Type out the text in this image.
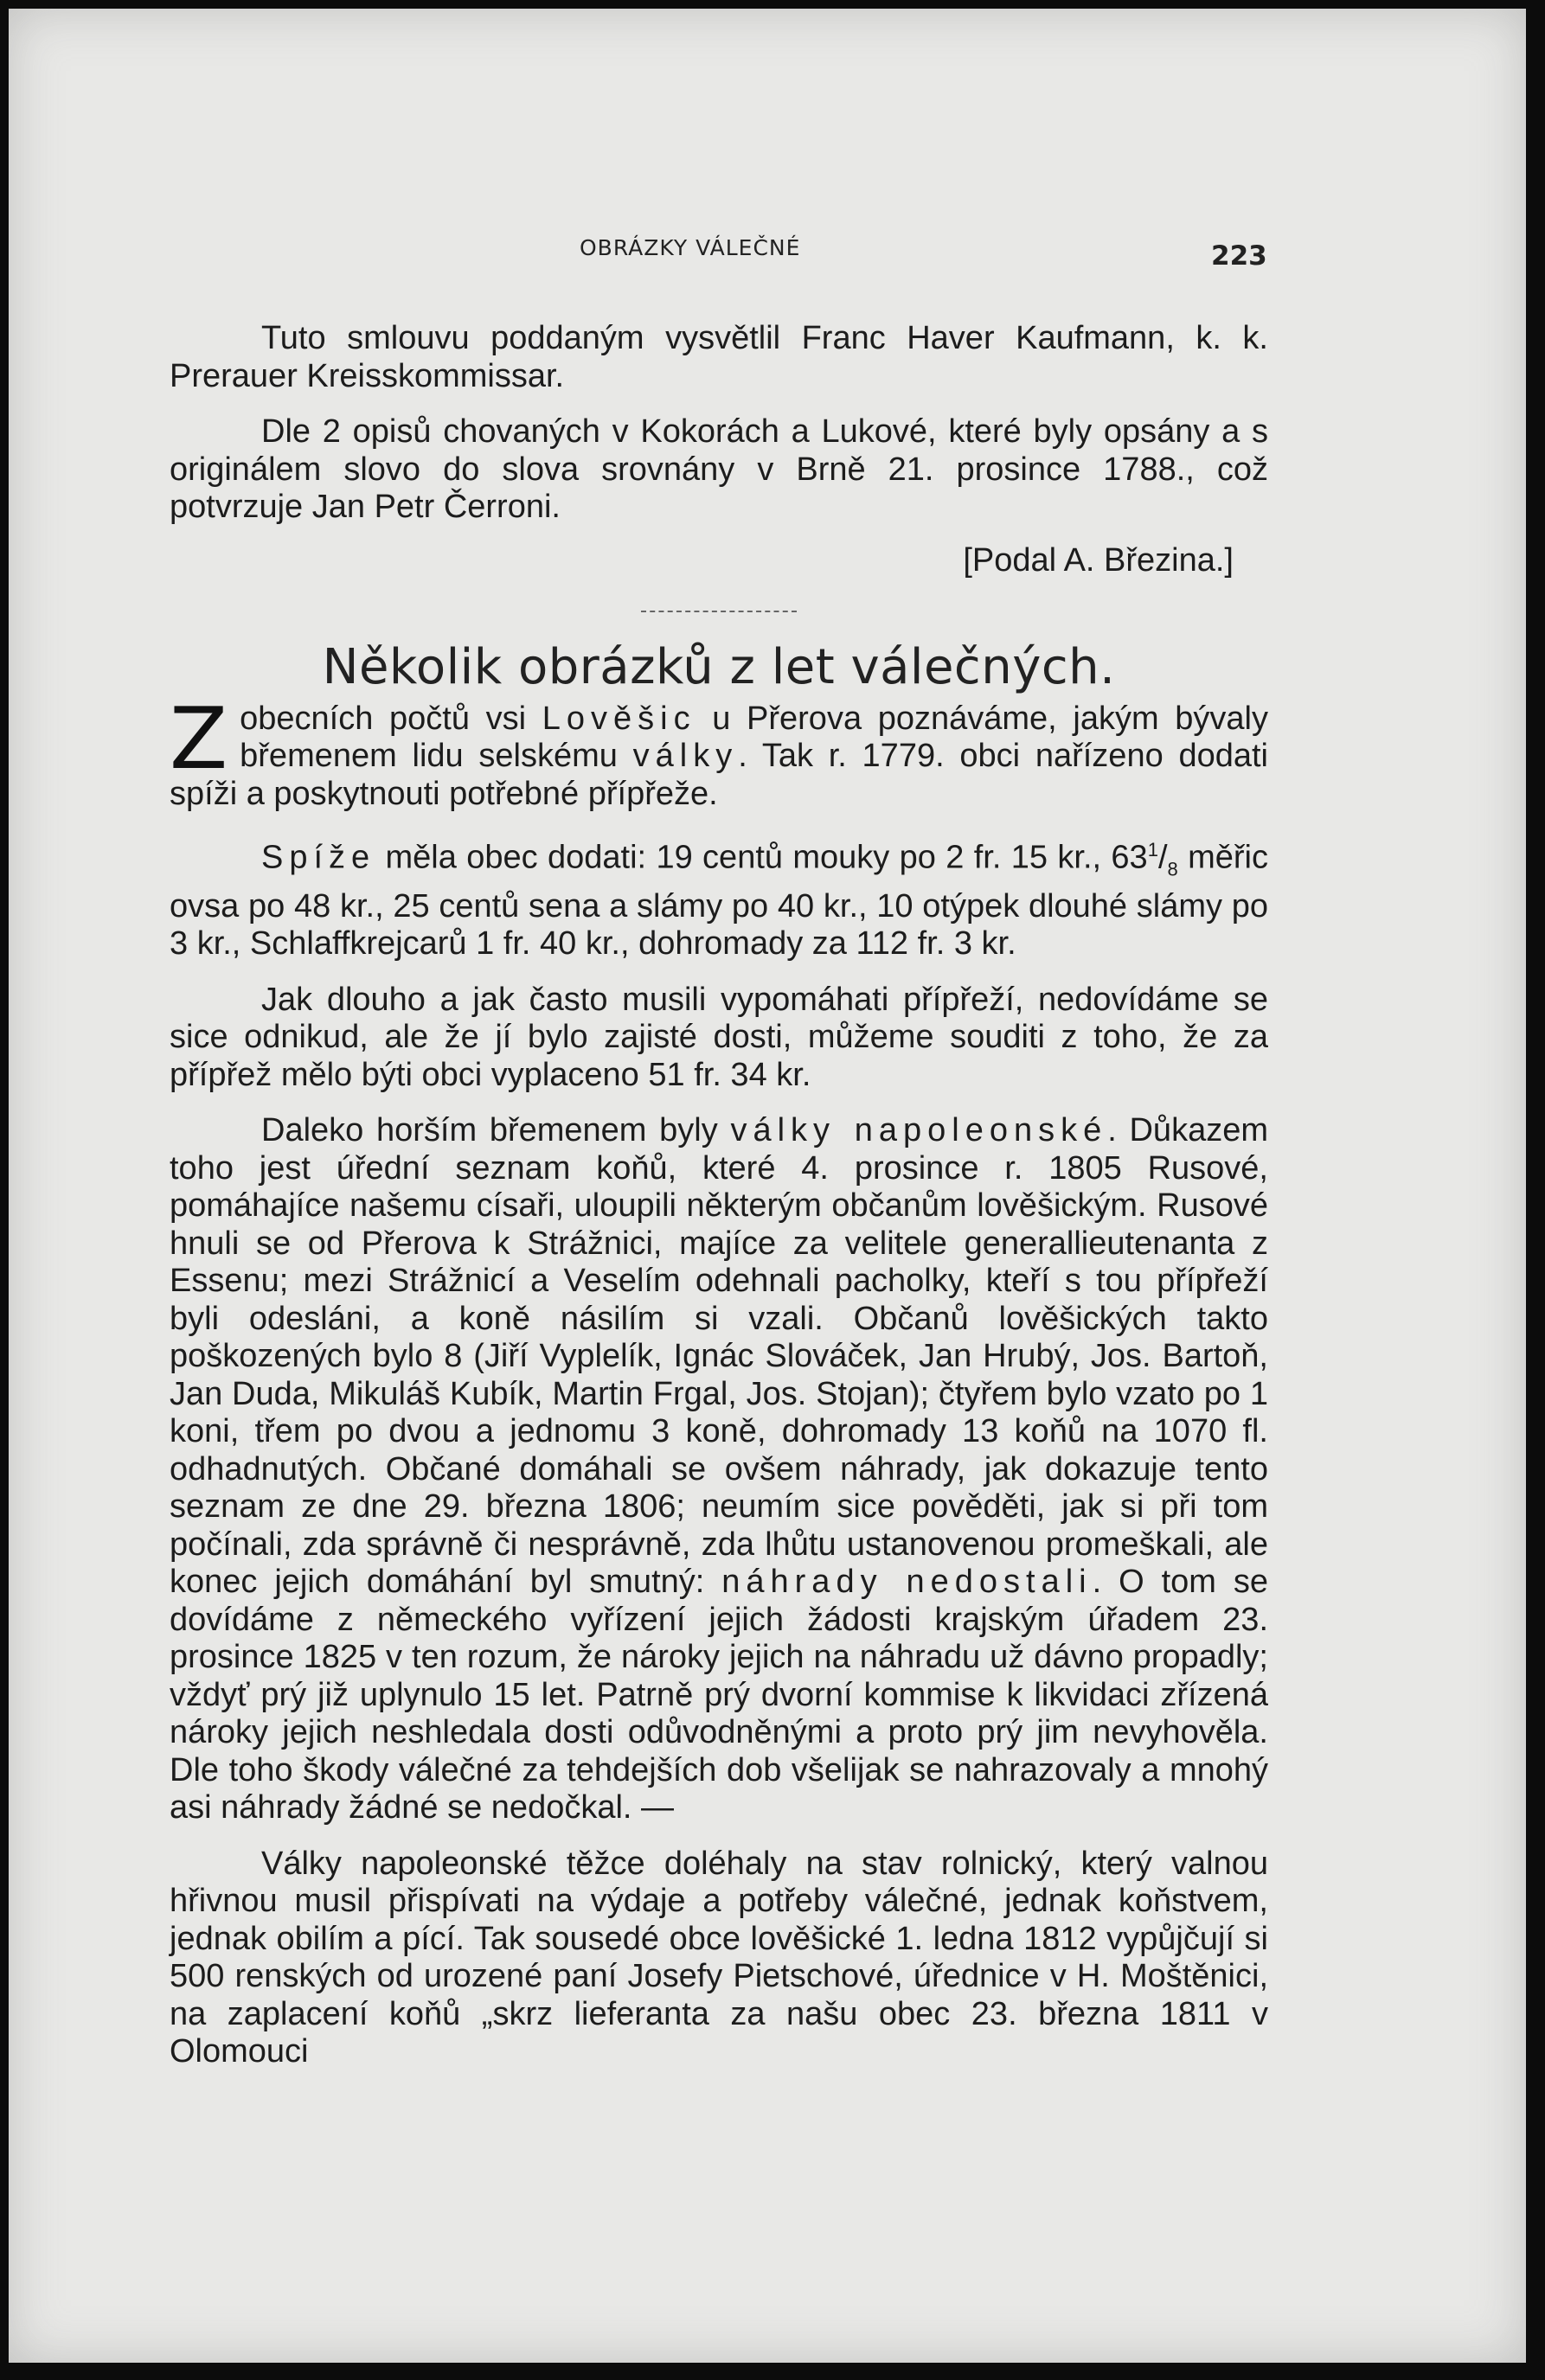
OBRÁZKY VÁLEČNÉ	223

Tuto smlouvu poddaným vysvětlil Franc Haver Kaufmann, k. k. Prerauer Kreisskommissar.

Dle 2 opisů chovaných v Kokorách a Lukové, které byly opsány a s originálem slovo do slova srovnány v Brně 21. prosince 1788., což potvrzuje Jan Petr Čerroni.

[Podal A. Březina.]

Několik obrázků z let válečných.

Zobecních počtů vsi Lověšic u Přerova poznáváme, jakým bývaly břemenem lidu selskému války. Tak r. 1779. obci nařízeno dodati spíži a poskytnouti potřebné přípřeže.

Spíže měla obec dodati: 19 centů mouky po 2 fr. 15 kr., $63^1/_8$ měřic ovsa po 48 kr., 25 centů sena a slámy po 40 kr., 10 otýpek dlouhé slámy po 3 kr., Schlaffkrejcarů 1 fr. 40 kr., dohromady za 112 fr. 3 kr.

Jak dlouho a jak často musili vypomáhati přípřeží, nedovídáme se sice odnikud, ale že jí bylo zajisté dosti, můžeme souditi z toho, že za přípřež mělo býti obci vyplaceno 51 fr. 34 kr.

Daleko horším břemenem byly války napoleonské. Důkazem toho jest úřední seznam koňů, které 4. prosince r. 1805 Rusové, pomáhajíce našemu císaři, uloupili některým občanům lověšickým. Rusové hnuli se od Přerova k Strážnici, majíce za velitele generallieutenanta z Essenu; mezi Strážnicí a Veselím odehnali pacholky, kteří s tou přípřeží byli odesláni, a koně násilím si vzali. Občanů lověšických takto poškozených bylo 8 (Jiří Vyplelík, Ignác Slováček, Jan Hrubý, Jos. Bartoň, Jan Duda, Mikuláš Kubík, Martin Frgal, Jos. Stojan); čtyřem bylo vzato po 1 koni, třem po dvou a jednomu 3 koně, dohromady 13 koňů na 1070 fl. odhadnutých. Občané domáhali se ovšem náhrady, jak dokazuje tento seznam ze dne 29. března 1806; neumím sice pověděti, jak si při tom počínali, zda správně či nesprávně, zda lhůtu ustanovenou promeškali, ale konec jejich domáhání byl smutný: náhrady nedostali. O tom se dovídáme z německého vyřízení jejich žádosti krajským úřadem 23. prosince 1825 v ten rozum, že nároky jejich na náhradu už dávno propadly; vždyť prý již uplynulo 15 let. Patrně prý dvorní kommise k likvidaci zřízená nároky jejich neshledala dosti odůvodněnými a proto prý jim nevyhověla. Dle toho škody válečné za tehdejších dob všelijak se nahrazovaly a mnohý asi náhrady žádné se nedočkal. —

Války napoleonské těžce doléhaly na stav rolnický, který valnou hřivnou musil přispívati na výdaje a potřeby válečné, jednak koňstvem, jednak obilím a pící. Tak sousedé obce lověšické 1. ledna 1812 vypůjčují si 500 renských od urozené paní Josefy Pietschové, úřednice v H. Moštěnici, na zaplacení koňů „skrz lieferanta za našu obec 23. března 1811 v Olomouci
